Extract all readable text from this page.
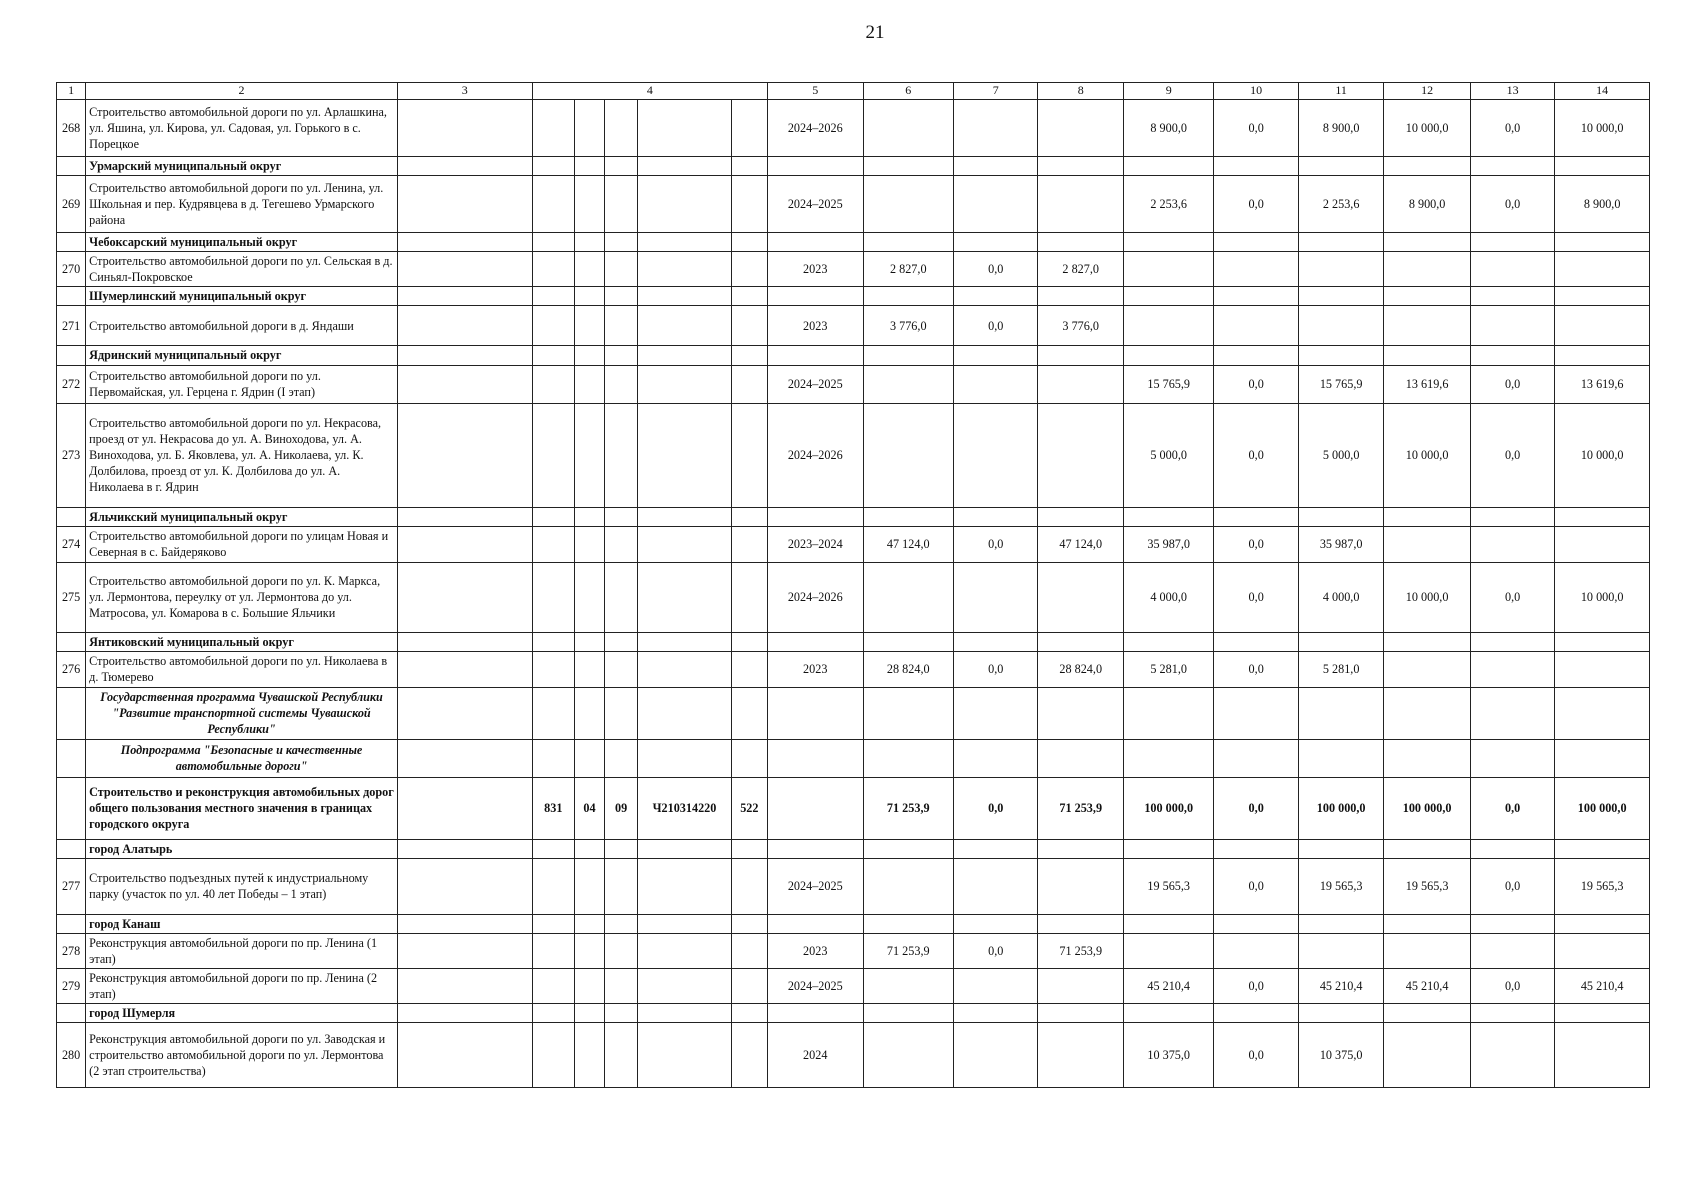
21
1	2	3	4					5	6	7	8	9	10	11	12	13	14
268	Строительство автомобильной дороги по ул. Арлашкина, ул. Яшина, ул. Кирова, ул. Садовая, ул. Горького в с. Порецкое							2024–2026				8 900,0	0,0	8 900,0	10 000,0	0,0	10 000,0
	Урмарский муниципальный округ																
269	Строительство автомобильной дороги по ул. Ленина, ул. Школьная и пер. Кудрявцева в д. Тегешево Урмарского района							2024–2025				2 253,6	0,0	2 253,6	8 900,0	0,0	8 900,0
	Чебоксарский муниципальный округ																
270	Строительство автомобильной дороги по ул. Сельская в д. Синьял-Покровское							2023	2 827,0	0,0	2 827,0						
	Шумерлинский муниципальный округ																
271	Строительство автомобильной дороги в д. Яндаши							2023	3 776,0	0,0	3 776,0						
	Ядринский муниципальный округ																
272	Строительство автомобильной дороги по ул. Первомайская, ул. Герцена г. Ядрин (I этап)							2024–2025				15 765,9	0,0	15 765,9	13 619,6	0,0	13 619,6
273	Строительство автомобильной дороги по ул. Некрасова, проезд от ул. Некрасова до ул. А. Виноходова, ул. А. Виноходова, ул. Б. Яковлева, ул. А. Николаева, ул. К. Долбилова, проезд от ул. К. Долбилова до ул. А. Николаева в г. Ядрин							2024–2026				5 000,0	0,0	5 000,0	10 000,0	0,0	10 000,0
	Яльчикский муниципальный округ																
274	Строительство автомобильной дороги по улицам Новая и Северная в с. Байдеряково							2023–2024	47 124,0	0,0	47 124,0	35 987,0	0,0	35 987,0			
275	Строительство автомобильной дороги по ул. К. Маркса, ул. Лермонтова, переулку от ул. Лермонтова до ул. Матросова, ул. Комарова в с. Большие Яльчики							2024–2026				4 000,0	0,0	4 000,0	10 000,0	0,0	10 000,0
	Янтиковский муниципальный округ																
276	Строительство автомобильной дороги по ул. Николаева в д. Тюмерево							2023	28 824,0	0,0	28 824,0	5 281,0	0,0	5 281,0			
	Государственная программа Чувашской Республики "Развитие транспортной системы Чувашской Республики"																
	Подпрограмма "Безопасные и качественные автомобильные дороги"																
	Строительство и реконструкция автомобильных дорог общего пользования местного значения в границах городского округа		831	04	09	Ч210314220	522		71 253,9	0,0	71 253,9	100 000,0	0,0	100 000,0	100 000,0	0,0	100 000,0
	город Алатырь																
277	Строительство подъездных путей к индустриальному парку (участок по ул. 40 лет Победы – 1 этап)							2024–2025				19 565,3	0,0	19 565,3	19 565,3	0,0	19 565,3
	город Канаш																
278	Реконструкция автомобильной дороги по пр. Ленина (1 этап)							2023	71 253,9	0,0	71 253,9						
279	Реконструкция автомобильной дороги по пр. Ленина (2 этап)							2024–2025				45 210,4	0,0	45 210,4	45 210,4	0,0	45 210,4
	город Шумерля																
280	Реконструкция автомобильной дороги по ул. Заводская и строительство автомобильной дороги по ул. Лермонтова (2 этап строительства)							2024				10 375,0	0,0	10 375,0			
